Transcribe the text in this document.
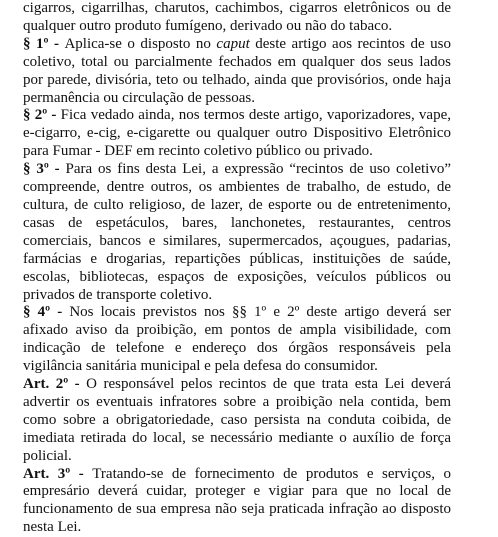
cigarros, cigarrilhas, charutos, cachimbos, cigarros eletrônicos ou de
qualquer outro produto fumígeno, derivado ou não do tabaco.
§ 1º - Aplica-se o disposto no caput deste artigo aos recintos de uso
coletivo, total ou parcialmente fechados em qualquer dos seus lados
por parede, divisória, teto ou telhado, ainda que provisórios, onde haja
permanência ou circulação de pessoas.
§ 2º - Fica vedado ainda, nos termos deste artigo, vaporizadores, vape,
e-cigarro, e-cig, e-cigarette ou qualquer outro Dispositivo Eletrônico
para Fumar - DEF em recinto coletivo público ou privado.
§ 3º - Para os fins desta Lei, a expressão “recintos de uso coletivo”
compreende, dentre outros, os ambientes de trabalho, de estudo, de
cultura, de culto religioso, de lazer, de esporte ou de entretenimento,
casas de espetáculos, bares, lanchonetes, restaurantes, centros
comerciais, bancos e similares, supermercados, açougues, padarias,
farmácias e drogarias, repartições públicas, instituições de saúde,
escolas, bibliotecas, espaços de exposições, veículos públicos ou
privados de transporte coletivo.
§ 4º - Nos locais previstos nos §§ 1º e 2º deste artigo deverá ser
afixado aviso da proibição, em pontos de ampla visibilidade, com
indicação de telefone e endereço dos órgãos responsáveis pela
vigilância sanitária municipal e pela defesa do consumidor.
Art. 2º - O responsável pelos recintos de que trata esta Lei deverá
advertir os eventuais infratores sobre a proibição nela contida, bem
como sobre a obrigatoriedade, caso persista na conduta coibida, de
imediata retirada do local, se necessário mediante o auxílio de força
policial.
Art. 3º - Tratando-se de fornecimento de produtos e serviços, o
empresário deverá cuidar, proteger e vigiar para que no local de
funcionamento de sua empresa não seja praticada infração ao disposto
nesta Lei.
